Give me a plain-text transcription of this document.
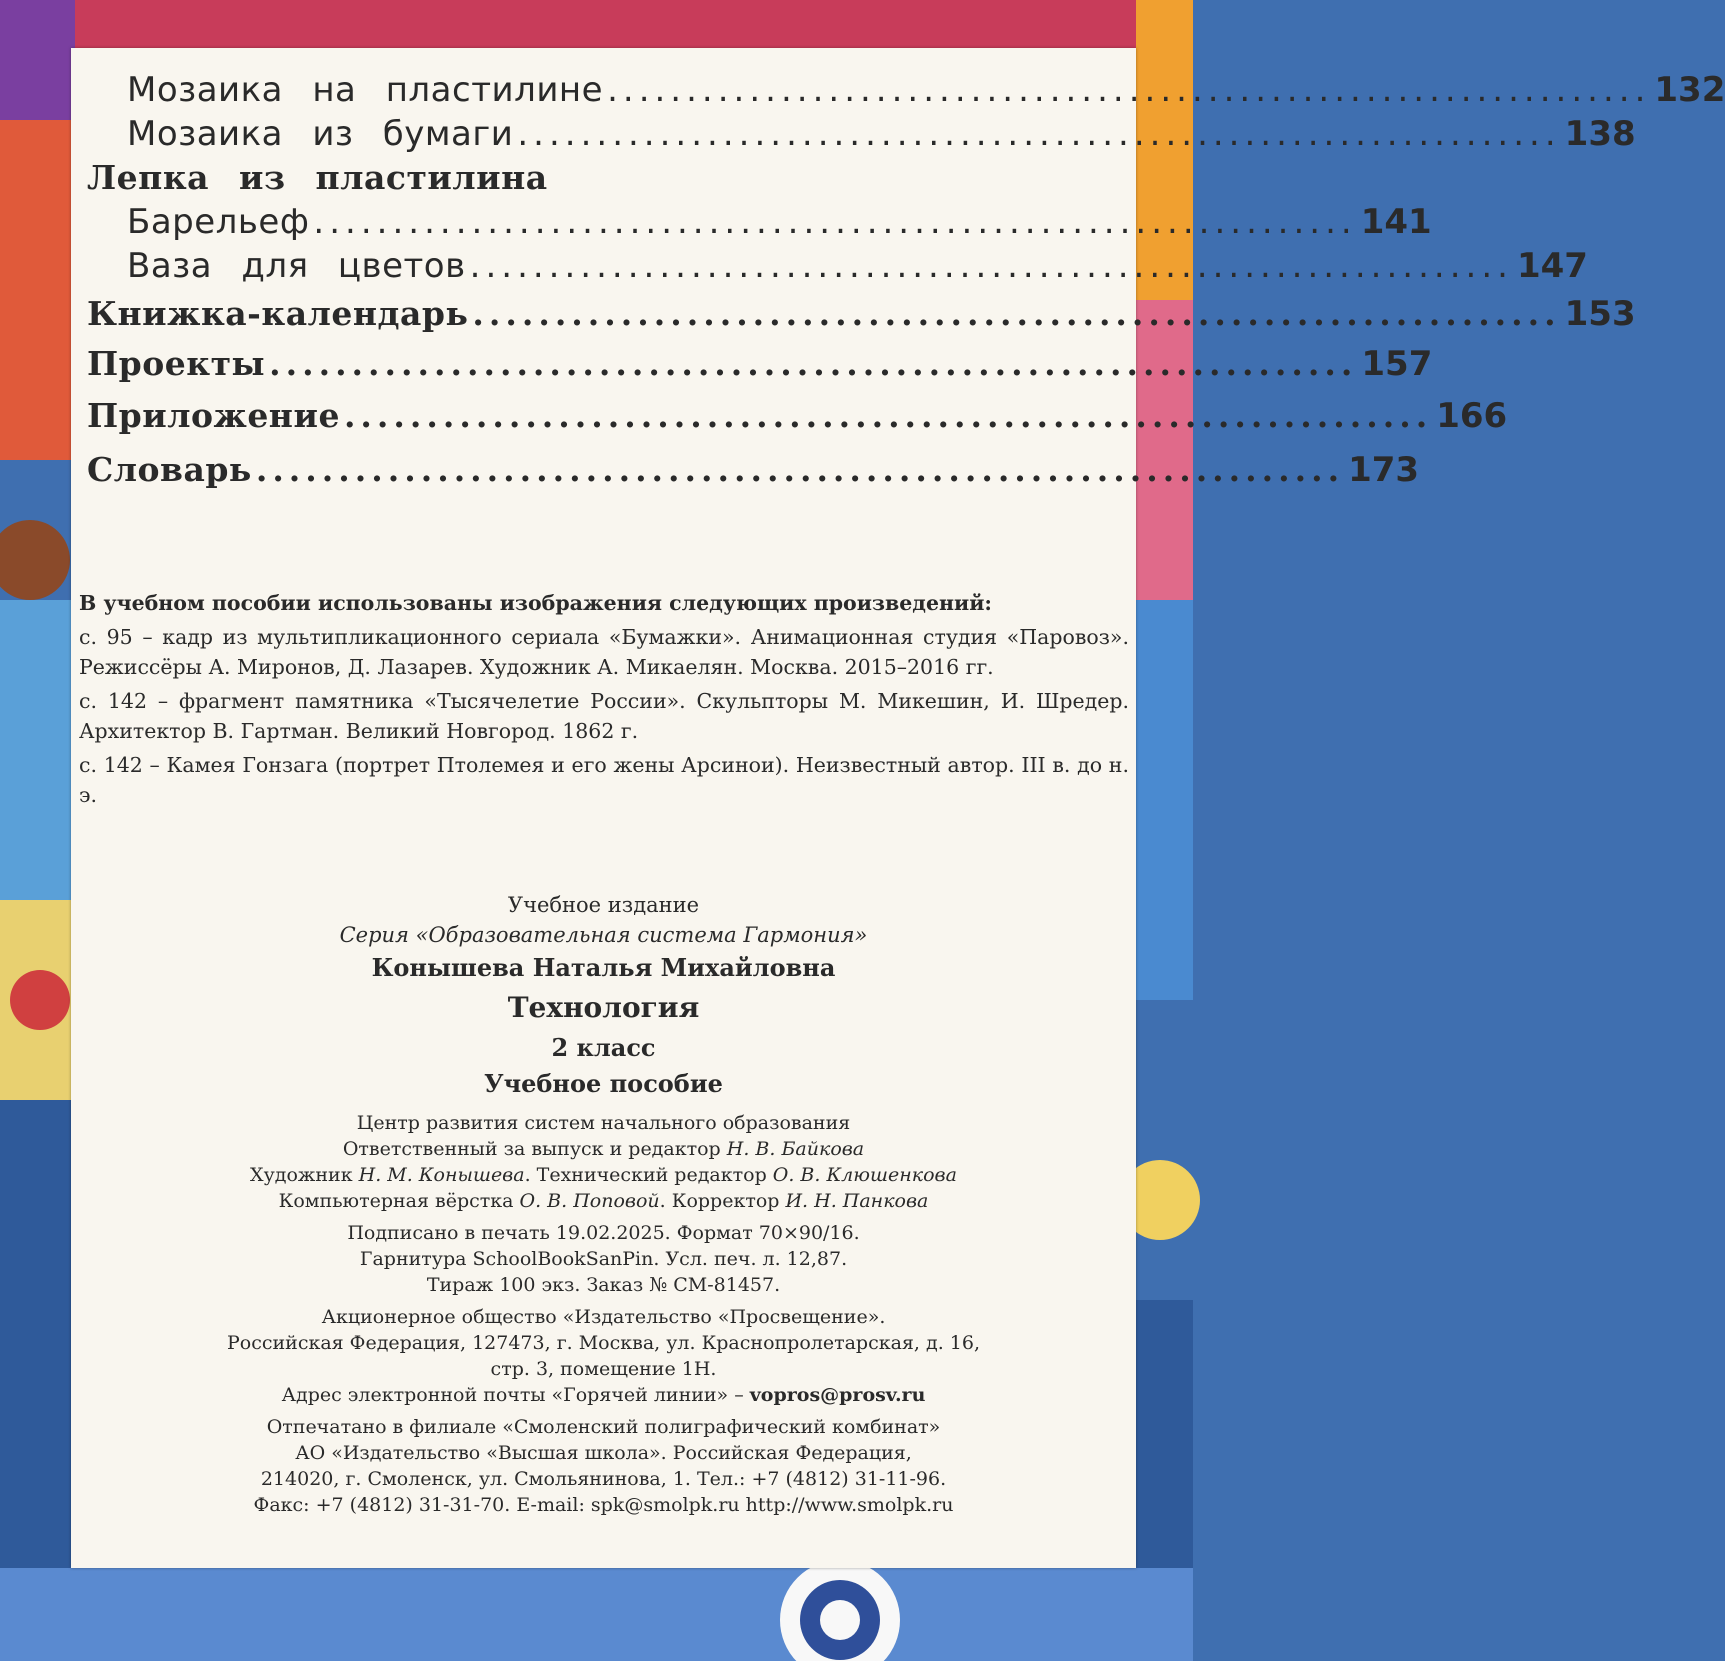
Мозаика на пластилине .................................................................. 132
Мозаика из бумаги .................................................................. 138
Лепка из пластилина
Барельеф .................................................................. 141
Ваза для цветов .................................................................. 147
Книжка-календарь .................................................................. 153
Проекты .................................................................. 157
Приложение .................................................................. 166
Словарь .................................................................. 173

В учебном пособии использованы изображения следующих произведений:

с. 95 – кадр из мультипликационного сериала «Бумажки». Анимационная студия «Паровоз». Режиссёры А. Миронов, Д. Лазарев. Художник А. Микаелян. Москва. 2015–2016 гг.

с. 142 – фрагмент памятника «Тысячелетие России». Скульпторы М. Микешин, И. Шредер. Архитектор В. Гартман. Великий Новгород. 1862 г.

с. 142 – Камея Гонзага (портрет Птолемея и его жены Арсинои). Неизвестный автор. III в. до н. э.

Учебное издание
Серия «Образовательная система Гармония»
Конышева Наталья Михайловна
Технология
2 класс
Учебное пособие
Центр развития систем начального образования
Ответственный за выпуск и редактор Н. В. Байкова
Художник Н. М. Конышева. Технический редактор О. В. Клюшенкова
Компьютерная вёрстка О. В. Поповой. Корректор И. Н. Панкова
Подписано в печать 19.02.2025. Формат 70×90/16.
Гарнитура SchoolBookSanPin. Усл. печ. л. 12,87.
Тираж 100 экз. Заказ № СМ-81457.
Акционерное общество «Издательство «Просвещение».
Российская Федерация, 127473, г. Москва, ул. Краснопролетарская, д. 16,
стр. 3, помещение 1Н.
Адрес электронной почты «Горячей линии» – vopros@prosv.ru
Отпечатано в филиале «Смоленский полиграфический комбинат»
АО «Издательство «Высшая школа». Российская Федерация,
214020, г. Смоленск, ул. Смольянинова, 1. Тел.: +7 (4812) 31-11-96.
Факс: +7 (4812) 31-31-70. E-mail: spk@smolpk.ru http://www.smolpk.ru
